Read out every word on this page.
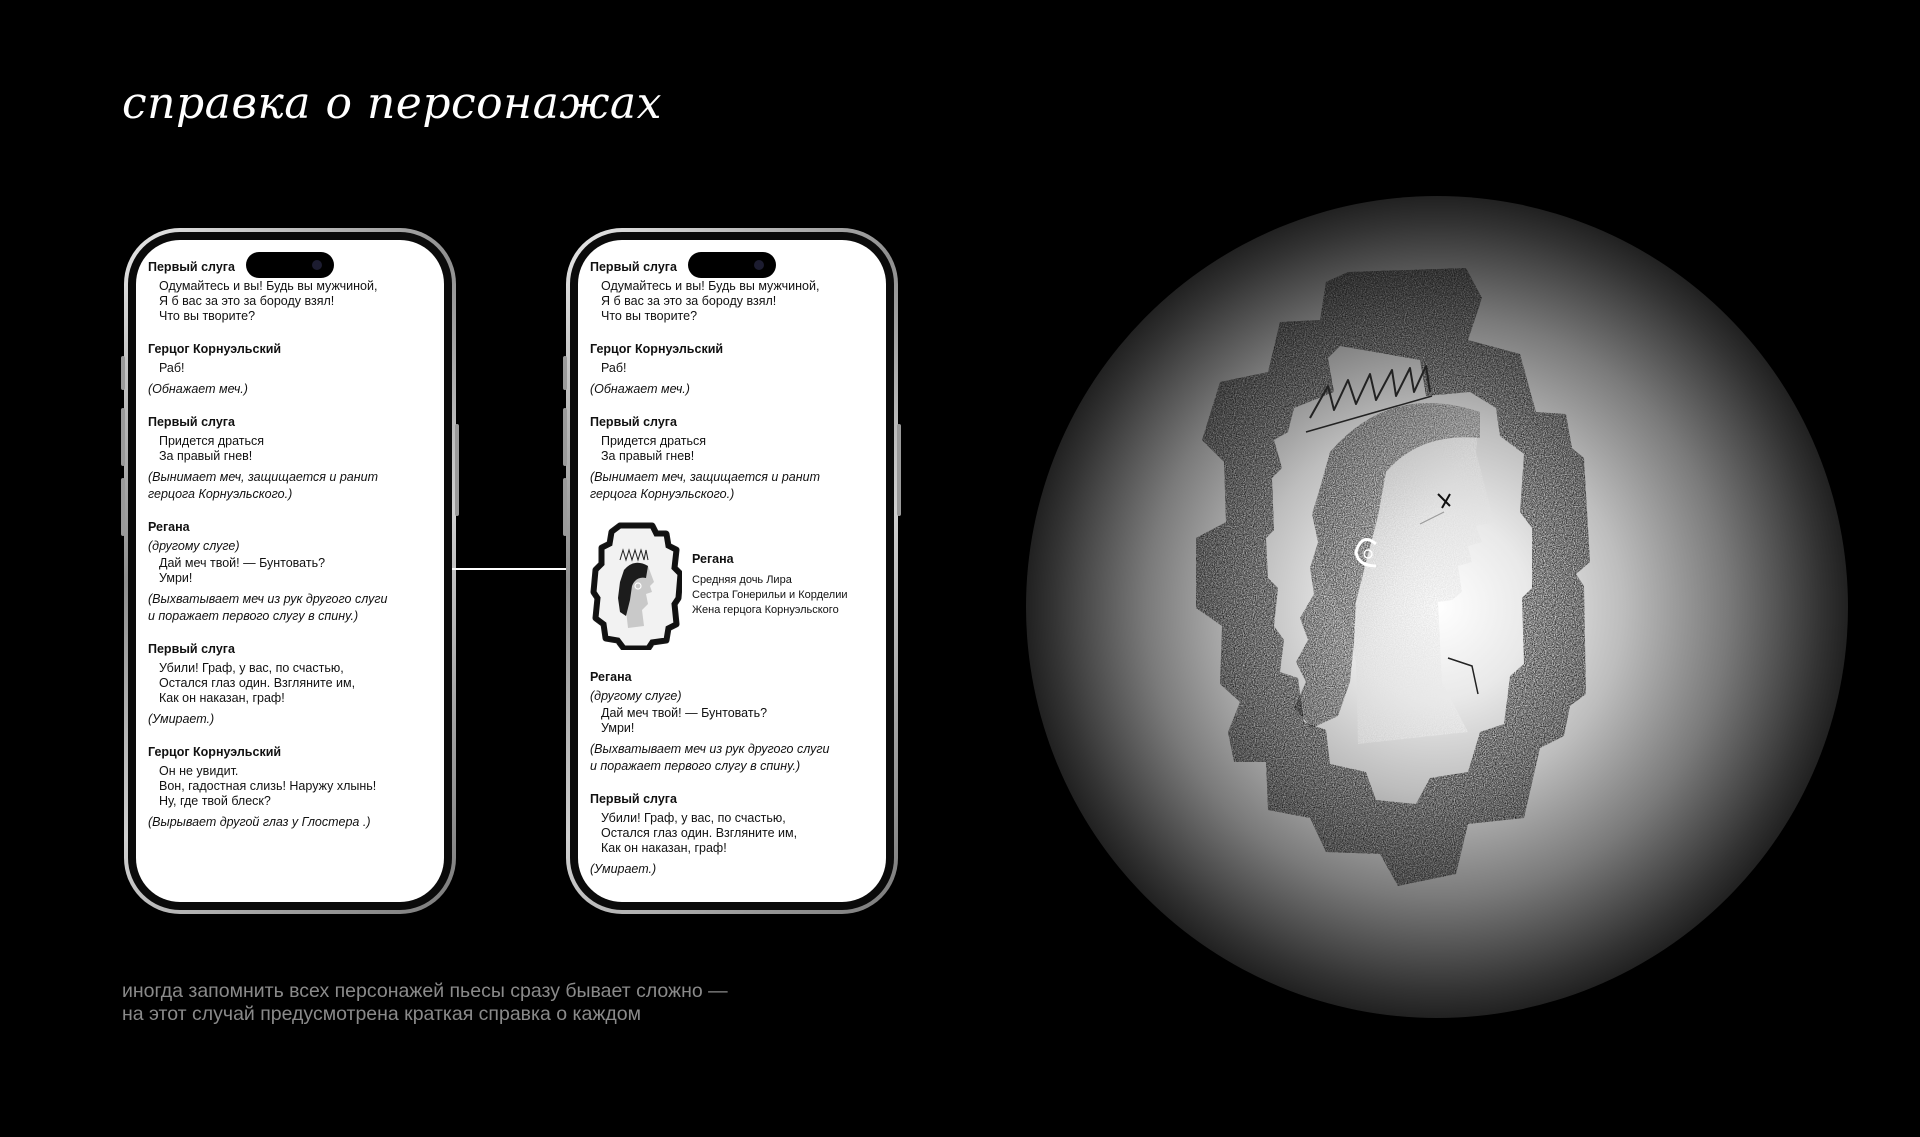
справка о персонажах
Первый слуга
Одумайтесь и вы! Будь вы мужчиной,
Я б вас за это за бороду взял!
Что вы творите?
Герцог Корнуэльский
Раб!
(Обнажает меч.)
Первый слуга
Придется драться
За правый гнев!
(Вынимает меч, защищается и ранит
герцога Корнуэльского.)
Регана
(другому слуге)
Дай меч твой! — Бунтовать?
Умри!
(Выхватывает меч из рук другого слуги
и поражает первого слугу в спину.)
Первый слуга
Убили! Граф, у вас, по счастью,
Остался глаз один. Взгляните им,
Как он наказан, граф!
(Умирает.)
Герцог Корнуэльский
Он не увидит.
Вон, гадостная слизь! Наружу хлынь!
Ну, где твой блеск?
(Вырывает другой глаз у Глостера .)
Первый слуга
Одумайтесь и вы! Будь вы мужчиной,
Я б вас за это за бороду взял!
Что вы творите?
Герцог Корнуэльский
Раб!
(Обнажает меч.)
Первый слуга
Придется драться
За правый гнев!
(Вынимает меч, защищается и ранит
герцога Корнуэльского.)
Регана
Средняя дочь Лира
Сестра Гонерильи и Корделии
Жена герцога Корнуэльского
Регана
(другому слуге)
Дай меч твой! — Бунтовать?
Умри!
(Выхватывает меч из рук другого слуги
и поражает первого слугу в спину.)
Первый слуга
Убили! Граф, у вас, по счастью,
Остался глаз один. Взгляните им,
Как он наказан, граф!
(Умирает.)
иногда запомнить всех персонажей пьесы сразу бывает сложно —
на этот случай предусмотрена краткая справка о каждом
